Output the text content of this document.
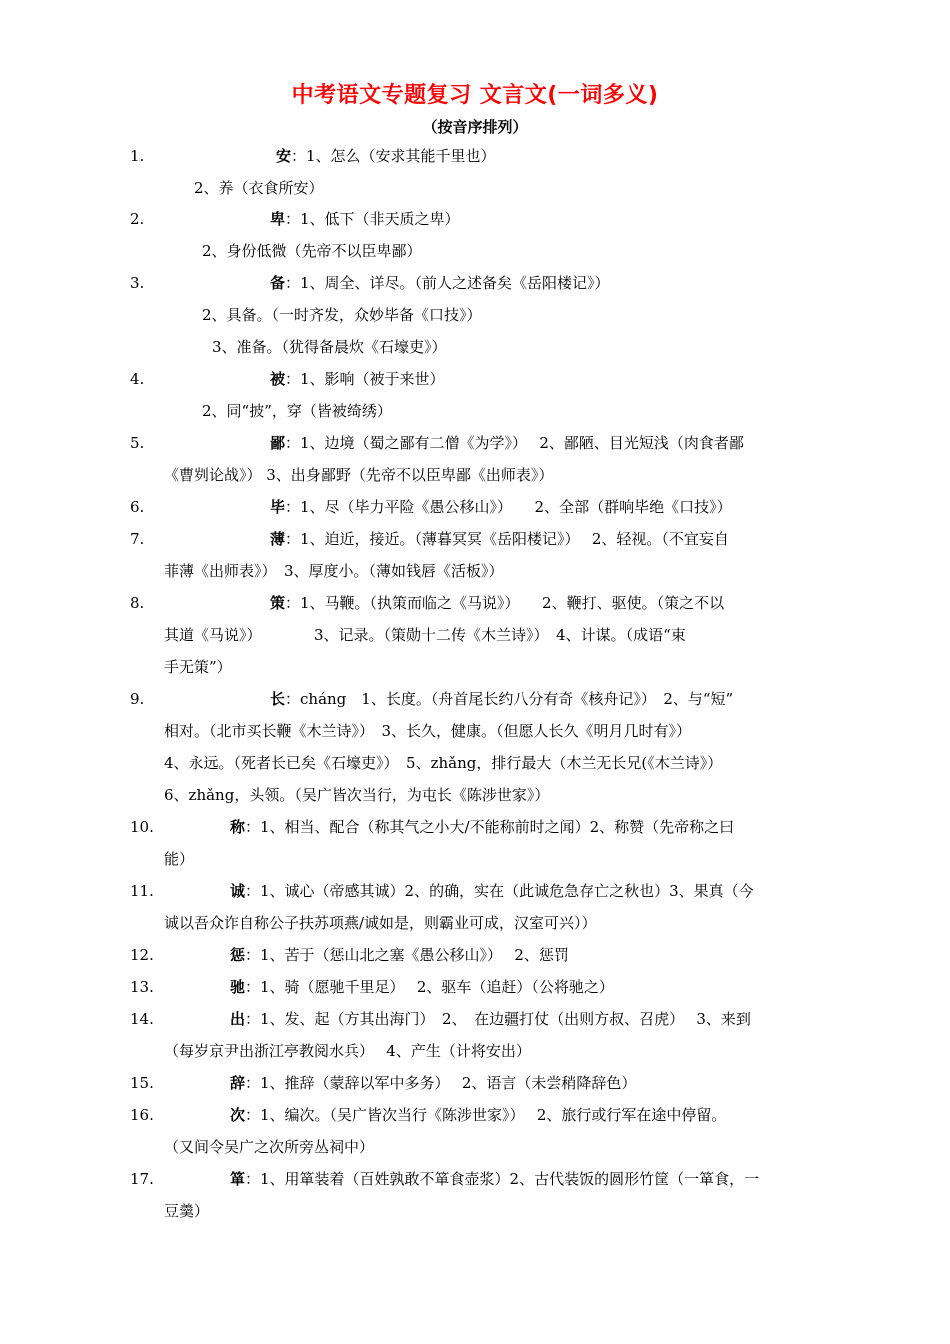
中考语文专题复习 文言文(一词多义)
（按音序排列）
1.	安：1、怎么（安求其能千里也）
2、养（衣食所安）
2.	卑：1、低下（非天质之卑）
2、身份低微（先帝不以臣卑鄙）
3.	备：1、周全、详尽。（前人之述备矣《岳阳楼记》）
2、具备。（一时齐发，众妙毕备《口技》）
3、准备。（犹得备晨炊《石壕吏》）
4.	被：1、影响（被于来世）
2、同“披”，穿（皆被绮绣）
5.	鄙：1、边境（蜀之鄙有二僧《为学》）　 2、鄙陋、目光短浅（肉食者鄙
《曹刿论战》） 3、出身鄙野（先帝不以臣卑鄙《出师表》）
6.	毕：1、尽（毕力平险《愚公移山》）　　2、全部（群响毕绝《口技》）
7.	薄：1、迫近，接近。（薄暮冥冥《岳阳楼记》）　 2、轻视。（不宜妄自
菲薄《出师表》）　3、厚度小。（薄如钱唇《活板》）
8.	策：1、马鞭。（执策而临之《马说》）　　2、鞭打、驱使。（策之不以
其道《马说》）　　　　3、记录。（策勋十二传《木兰诗》）　4、计谋。（成语“束
手无策”）
9.	长：cháng　1、长度。（舟首尾长约八分有奇《核舟记》）　2、与“短”
相对。（北市买长鞭《木兰诗》）　3、长久，健康。（但愿人长久《明月几时有》）
4、永远。（死者长已矣《石壕吏》）　5、zhǎng，排行最大（木兰无长兄(《木兰诗》）
6、zhǎng，头领。（吴广皆次当行，为屯长《陈涉世家》）
10.	称：1、相当、配合（称其气之小大/不能称前时之闻）2、称赞（先帝称之曰
能）
11.	诚：1、诚心（帝感其诚）2、的确，实在（此诚危急存亡之秋也）3、果真（今
诚以吾众诈自称公子扶苏项燕/诚如是，则霸业可成，汉室可兴））
12.	惩：1、苦于（惩山北之塞《愚公移山》）　 2、惩罚
13.	驰：1、骑（愿驰千里足）　 2、驱车（追赶）（公将驰之）
14.	出：1、发、起（方其出海门）　2、　在边疆打仗（出则方叔、召虎）　 3、来到
（每岁京尹出浙江亭教阅水兵）　 4、产生（计将安出）
15.	辞：1、推辞（蒙辞以军中多务）　 2、语言（未尝稍降辞色）
16.	次：1、编次。（吴广皆次当行《陈涉世家》）　 2、旅行或行军在途中停留。
（又间令吴广之次所旁丛祠中）
17.	箪：1、用箪装着（百姓孰敢不箪食壶浆）2、古代装饭的圆形竹筐（一箪食，一
豆羹）
